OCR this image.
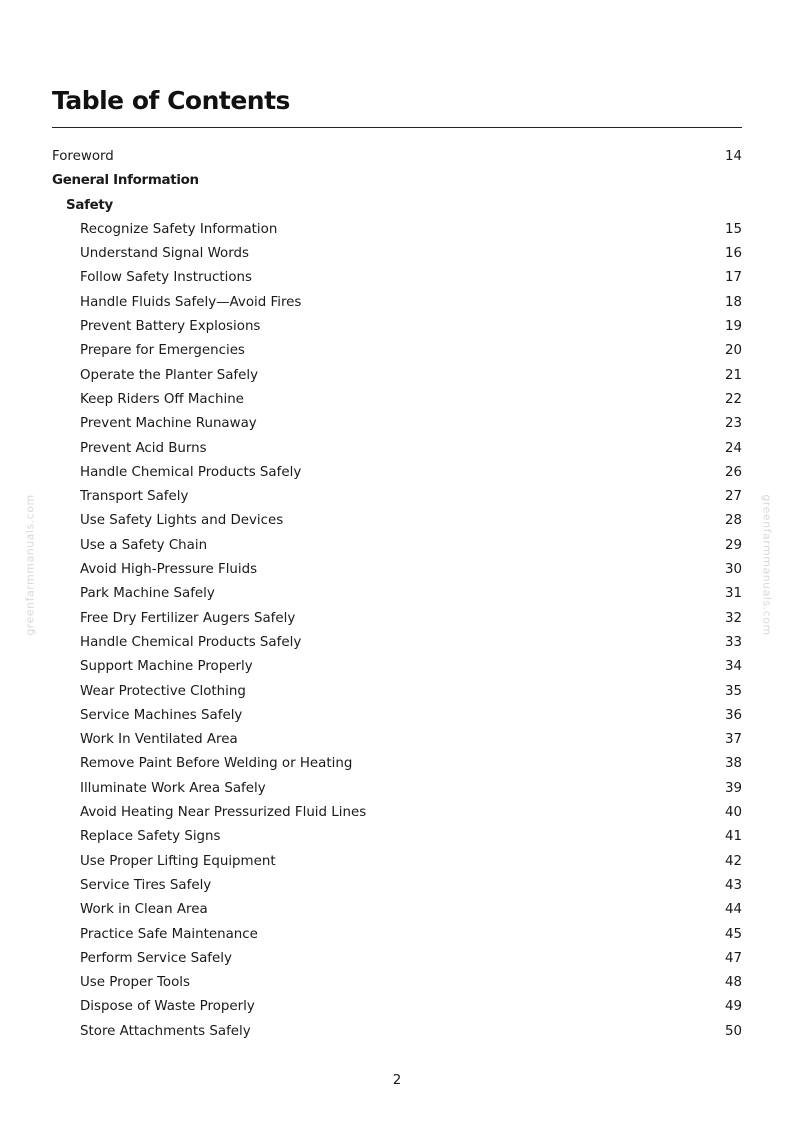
Table of Contents
Foreword	14
General Information
Safety
Recognize Safety Information	15
Understand Signal Words	16
Follow Safety Instructions	17
Handle Fluids Safely—Avoid Fires	18
Prevent Battery Explosions	19
Prepare for Emergencies	20
Operate the Planter Safely	21
Keep Riders Off Machine	22
Prevent Machine Runaway	23
Prevent Acid Burns	24
Handle Chemical Products Safely	26
Transport Safely	27
Use Safety Lights and Devices	28
Use a Safety Chain	29
Avoid High-Pressure Fluids	30
Park Machine Safely	31
Free Dry Fertilizer Augers Safely	32
Handle Chemical Products Safely	33
Support Machine Properly	34
Wear Protective Clothing	35
Service Machines Safely	36
Work In Ventilated Area	37
Remove Paint Before Welding or Heating	38
Illuminate Work Area Safely	39
Avoid Heating Near Pressurized Fluid Lines	40
Replace Safety Signs	41
Use Proper Lifting Equipment	42
Service Tires Safely	43
Work in Clean Area	44
Practice Safe Maintenance	45
Perform Service Safely	47
Use Proper Tools	48
Dispose of Waste Properly	49
Store Attachments Safely	50
greenfarmmanuals.com	greenfarmmanuals.com
2
